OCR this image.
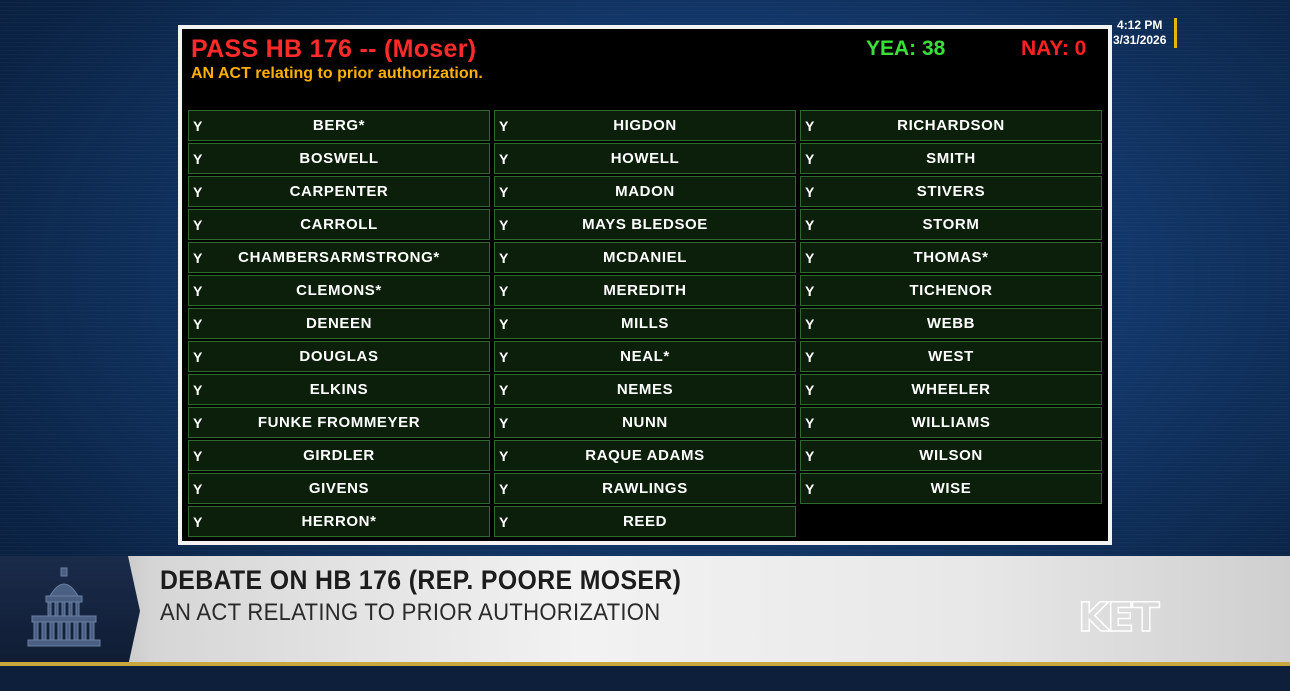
PASS HB 176 -- (Moser)
AN ACT relating to prior authorization.
YEA: 38	NAY: 0
Y	BERG*
Y	BOSWELL
Y	CARPENTER
Y	CARROLL
Y	CHAMBERSARMSTRONG*
Y	CLEMONS*
Y	DENEEN
Y	DOUGLAS
Y	ELKINS
Y	FUNKE FROMMEYER
Y	GIRDLER
Y	GIVENS
Y	HERRON*
Y	HIGDON
Y	HOWELL
Y	MADON
Y	MAYS BLEDSOE
Y	MCDANIEL
Y	MEREDITH
Y	MILLS
Y	NEAL*
Y	NEMES
Y	NUNN
Y	RAQUE ADAMS
Y	RAWLINGS
Y	REED
Y	RICHARDSON
Y	SMITH
Y	STIVERS
Y	STORM
Y	THOMAS*
Y	TICHENOR
Y	WEBB
Y	WEST
Y	WHEELER
Y	WILLIAMS
Y	WILSON
Y	WISE
4:12 PM
3/31/2026
DEBATE ON HB 176 (REP. POORE MOSER)
AN ACT RELATING TO PRIOR AUTHORIZATION	KET
